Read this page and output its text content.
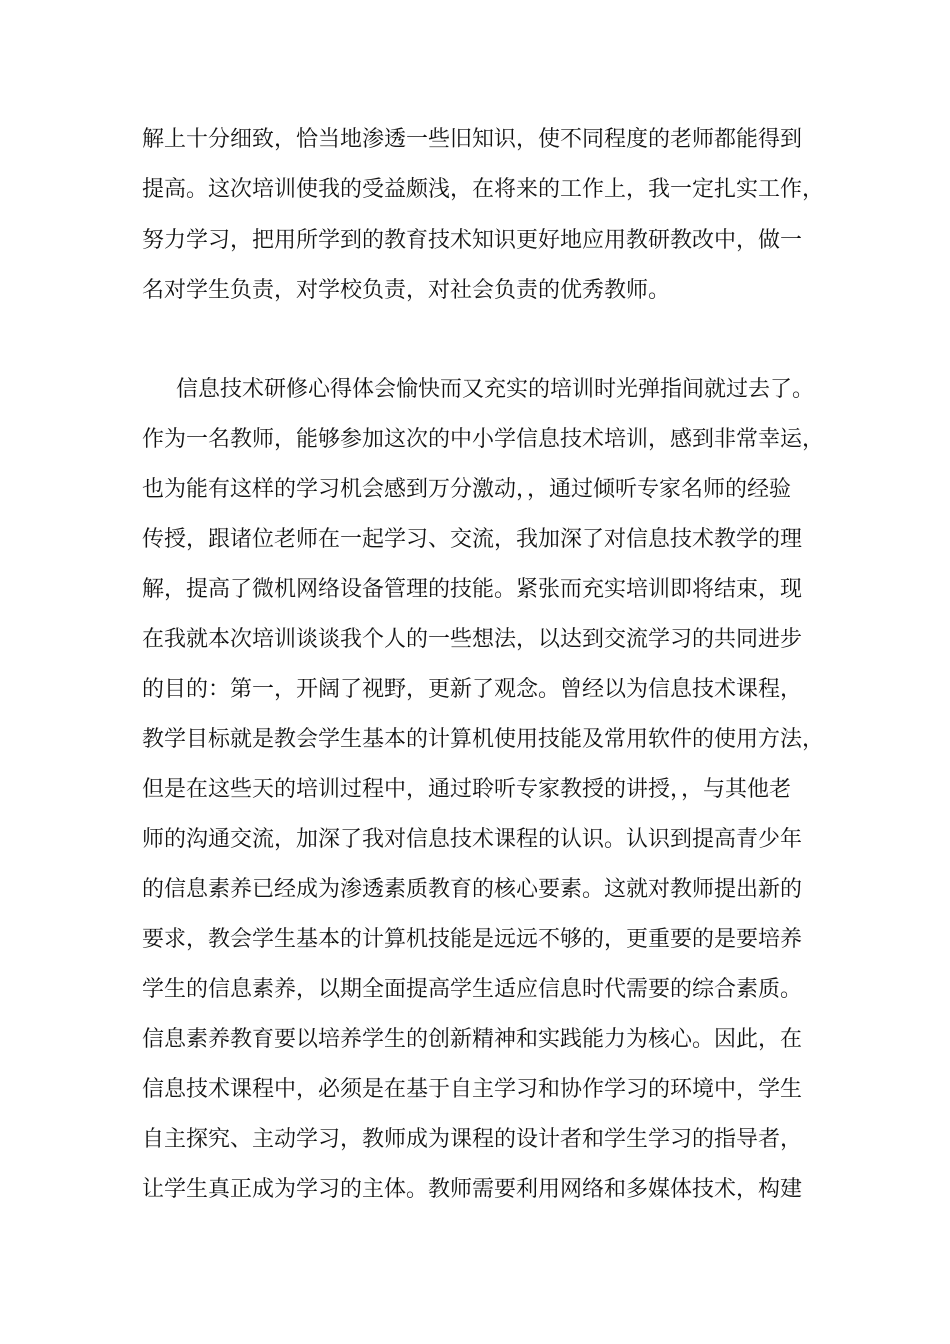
解上十分细致，恰当地渗透一些旧知识，使不同程度的老师都能得到
提高。这次培训使我的受益颇浅，在将来的工作上，我一定扎实工作，
努力学习，把用所学到的教育技术知识更好地应用教研教改中，做一
名对学生负责，对学校负责，对社会负责的优秀教师。
信息技术研修心得体会愉快而又充实的培训时光弹指间就过去了。
作为一名教师，能够参加这次的中小学信息技术培训，感到非常幸运，
也为能有这样的学习机会感到万分激动，，通过倾听专家名师的经验
传授，跟诸位老师在一起学习、交流，我加深了对信息技术教学的理
解，提高了微机网络设备管理的技能。紧张而充实培训即将结束，现
在我就本次培训谈谈我个人的一些想法，以达到交流学习的共同进步
的目的：第一，开阔了视野，更新了观念。曾经以为信息技术课程，
教学目标就是教会学生基本的计算机使用技能及常用软件的使用方法，
但是在这些天的培训过程中，通过聆听专家教授的讲授，，与其他老
师的沟通交流，加深了我对信息技术课程的认识。认识到提高青少年
的信息素养已经成为渗透素质教育的核心要素。这就对教师提出新的
要求，教会学生基本的计算机技能是远远不够的，更重要的是要培养
学生的信息素养，以期全面提高学生适应信息时代需要的综合素质。
信息素养教育要以培养学生的创新精神和实践能力为核心。因此，在
信息技术课程中，必须是在基于自主学习和协作学习的环境中，学生
自主探究、主动学习，教师成为课程的设计者和学生学习的指导者，
让学生真正成为学习的主体。教师需要利用网络和多媒体技术，构建
